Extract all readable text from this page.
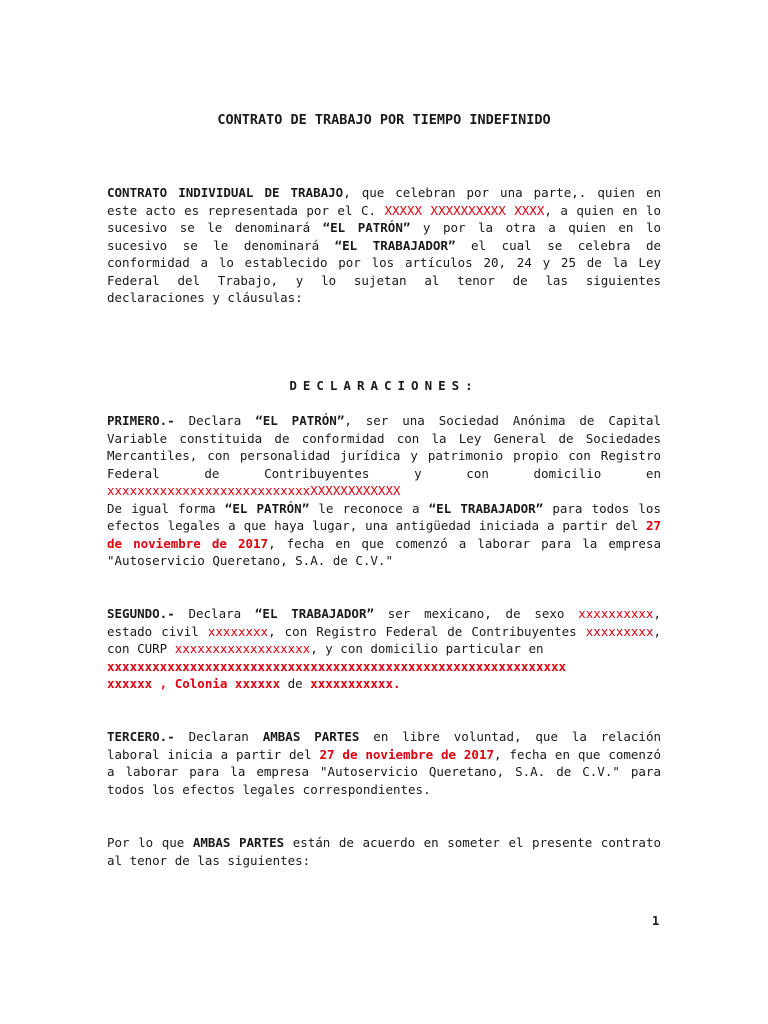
CONTRATO DE TRABAJO POR TIEMPO INDEFINIDO

CONTRATO INDIVIDUAL DE TRABAJO, que celebran por una parte,. quien en este acto es representada por el C. XXXXX XXXXXXXXXX XXXX, a quien en lo sucesivo se le denominará “EL PATRÓN” y por la otra a quien en lo sucesivo se le denominará “EL TRABAJADOR” el cual se celebra de conformidad a lo establecido por los artículos 20, 24 y 25 de la Ley Federal del Trabajo, y lo sujetan al tenor de las siguientes declaraciones y cláusulas:

DECLARACIONES:

PRIMERO.- Declara “EL PATRÓN”, ser una Sociedad Anónima de Capital Variable constituida de conformidad con la Ley General de Sociedades Mercantiles, con personalidad jurídica y patrimonio propio con Registro Federal de Contribuyentes y con domicilio en xxxxxxxxxxxxxxxxxxxxxxxxxxxXXXXXXXXXXXX
De igual forma “EL PATRÓN” le reconoce a “EL TRABAJADOR” para todos los efectos legales a que haya lugar, una antigüedad iniciada a partir del 27 de noviembre de 2017, fecha en que comenzó a laborar para la empresa "Autoservicio Queretano, S.A. de C.V."

SEGUNDO.- Declara “EL TRABAJADOR” ser mexicano, de sexo xxxxxxxxxx, estado civil xxxxxxxx, con Registro Federal de Contribuyentes xxxxxxxxx, con CURP xxxxxxxxxxxxxxxxxx, y con domicilio particular en
xxxxxxxxxxxxxxxxxxxxxxxxxxxxxxxxxxxxxxxxxxxxxxxxxxxxxxxxxxxxx
xxxxxx , Colonia xxxxxx de xxxxxxxxxxx.

TERCERO.- Declaran AMBAS PARTES en libre voluntad, que la relación laboral inicia a partir del 27 de noviembre de 2017, fecha en que comenzó a laborar para la empresa "Autoservicio Queretano, S.A. de C.V." para todos los efectos legales correspondientes.

Por lo que AMBAS PARTES están de acuerdo en someter el presente contrato al tenor de las siguientes:

1
